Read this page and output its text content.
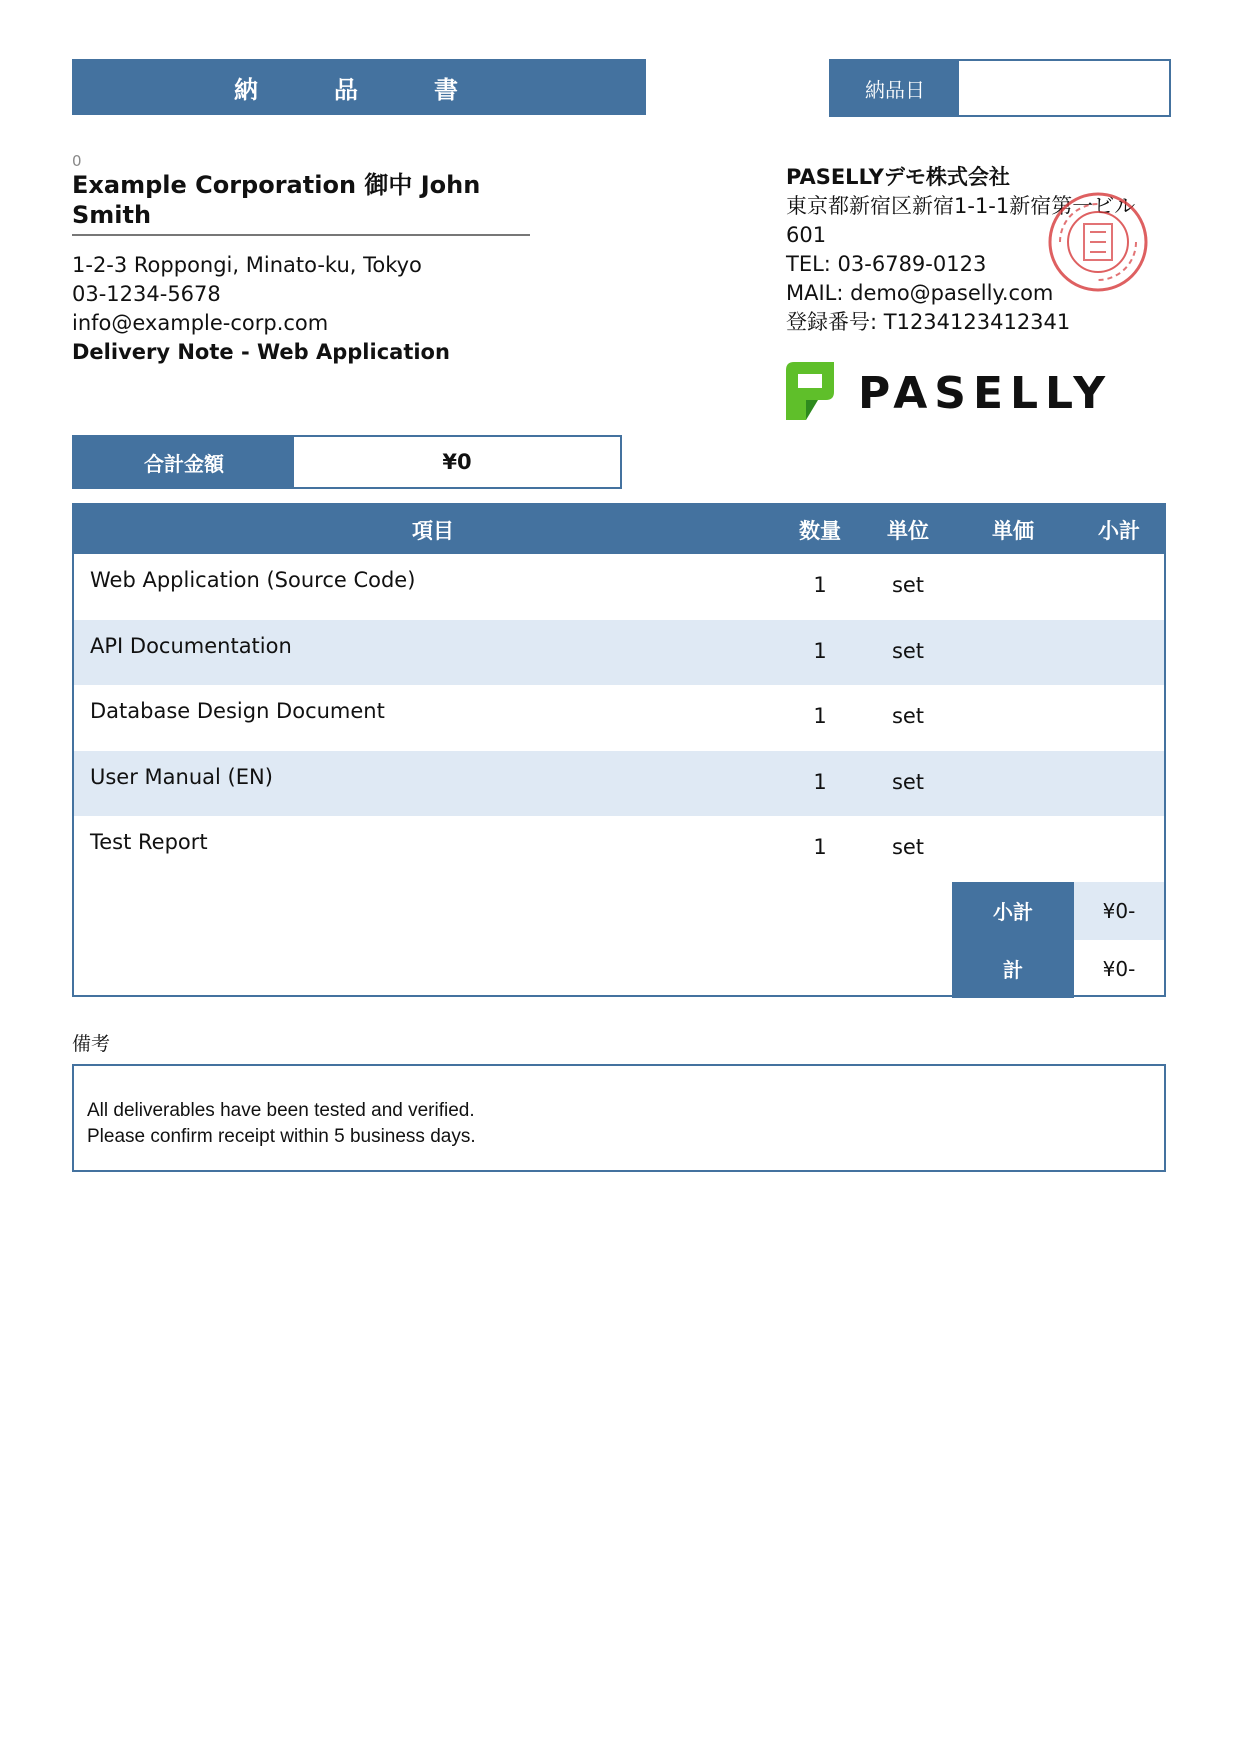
納　品　書	納品日
0
Example Corporation 御中 John Smith
1-2-3 Roppongi, Minato-ku, Tokyo
03-1234-5678
info@example-corp.com
Delivery Note - Web Application
PASELLYデモ株式会社
東京都新宿区新宿1-1-1新宿第一ビル
601
TEL: 03-6789-0123
MAIL: demo@paselly.com
登録番号: T1234123412341
PASELLY
合計金額	¥0
項目	数量	単位	単価	小計
Web Application (Source Code)	1	set
API Documentation	1	set
Database Design Document	1	set
User Manual (EN)	1	set
Test Report	1	set
小計	¥0-
計	¥0-
備考
All deliverables have been tested and verified.
Please confirm receipt within 5 business days.
